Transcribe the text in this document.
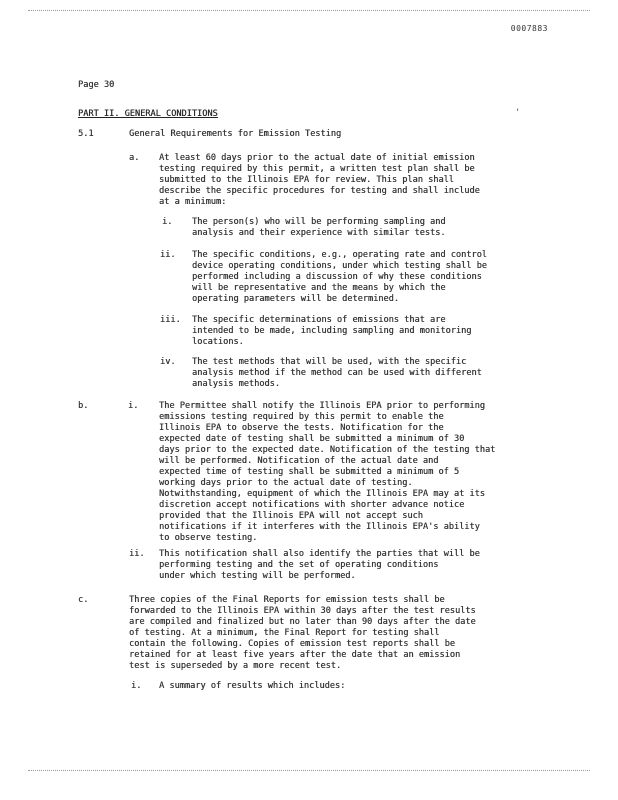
0007883
Page 30
PART II. GENERAL CONDITIONS	'
5.1	General Requirements for Emission Testing
a. At least 60 days prior to the actual date of initial emission
testing required by this permit, a written test plan shall be
submitted to the Illinois EPA for review. This plan shall
describe the specific procedures for testing and shall include
at a minimum:
i. The person(s) who will be performing sampling and
analysis and their experience with similar tests.
ii. The specific conditions, e.g., operating rate and control
device operating conditions, under which testing shall be
performed including a discussion of why these conditions
will be representative and the means by which the
operating parameters will be determined.
iii. The specific determinations of emissions that are
intended to be made, including sampling and monitoring
locations.
iv. The test methods that will be used, with the specific
analysis method if the method can be used with different
analysis methods.
b.	i. The Permittee shall notify the Illinois EPA prior to performing
emissions testing required by this permit to enable the
Illinois EPA to observe the tests. Notification for the
expected date of testing shall be submitted a minimum of 30
days prior to the expected date. Notification of the testing that
will be performed. Notification of the actual date and
expected time of testing shall be submitted a minimum of 5
working days prior to the actual date of testing.
Notwithstanding, equipment of which the Illinois EPA may at its
discretion accept notifications with shorter advance notice
provided that the Illinois EPA will not accept such
notifications if it interferes with the Illinois EPA's ability
to observe testing.
ii. This notification shall also identify the parties that will be
performing testing and the set of operating conditions
under which testing will be performed.
c.	Three copies of the Final Reports for emission tests shall be
forwarded to the Illinois EPA within 30 days after the test results
are compiled and finalized but no later than 90 days after the date
of testing. At a minimum, the Final Report for testing shall
contain the following. Copies of emission test reports shall be
retained for at least five years after the date that an emission
test is superseded by a more recent test.
i. A summary of results which includes:
